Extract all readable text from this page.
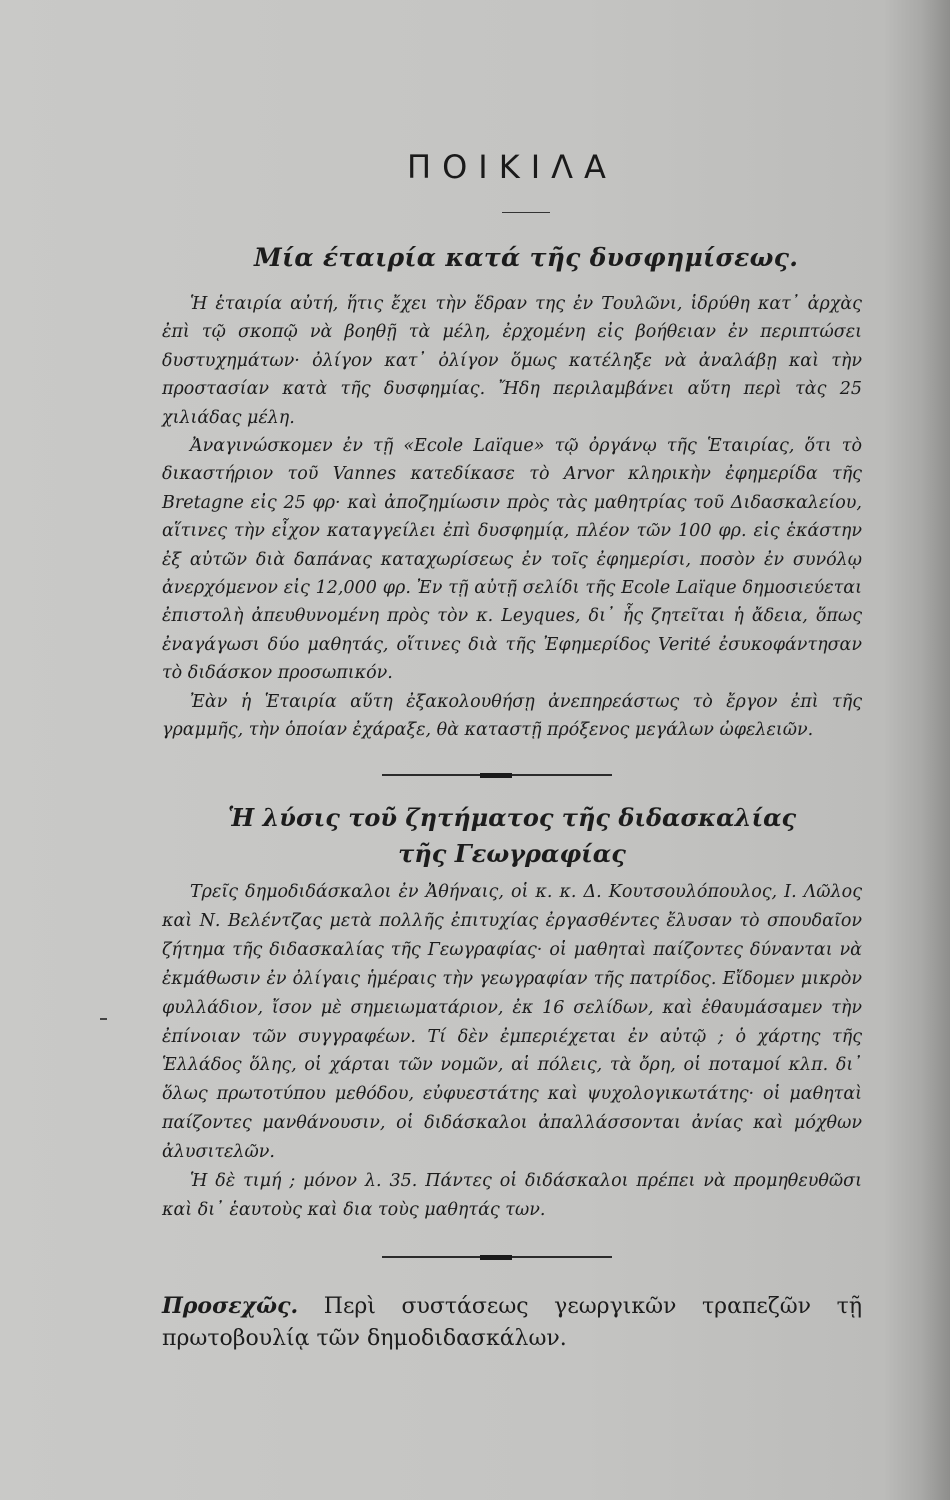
ΠΟΙΚΙΛΑ
Μία έταιρία κατά τῆς δυσφημίσεως.

Ἡ ἑταιρία αὐτή, ἥτις ἔχει τὴν ἕδραν της ἐν Τουλῶνι, ἱδρύθη κατ᾽ ἀρχὰς ἐπὶ τῷ σκοπῷ νὰ βοηθῇ τὰ μέλη, ἐρχομένη εἰς βοήθειαν ἐν περιπτώσει δυστυχημάτων· ὀλίγον κατ᾽ ὀλίγον ὅμως κατέληξε νὰ ἀναλάβῃ καὶ τὴν προστασίαν κατὰ τῆς δυσφημίας. Ἤδη περιλαμβάνει αὕτη περὶ τὰς 25 χιλιάδας μέλη.

Ἀναγινώσκομεν ἐν τῇ «Ecole Laïque» τῷ ὀργάνῳ τῆς Ἑταιρίας, ὅτι τὸ δικαστήριον τοῦ Vannes κατεδίκασε τὸ Arvor κληρικὴν ἐφημερίδα τῆς Bretagne εἰς 25 φρ· καὶ ἀποζημίωσιν πρὸς τὰς μαθητρίας τοῦ Διδασκαλείου, αἵτινες τὴν εἶχον καταγγείλει ἐπὶ δυσφημίᾳ, πλέον τῶν 100 φρ. εἰς ἑκάστην ἐξ αὐτῶν διὰ δαπάνας καταχωρίσεως ἐν τοῖς ἐφημερίσι, ποσὸν ἐν συνόλῳ ἀνερχόμενον εἰς 12,000 φρ. Ἐν τῇ αὐτῇ σελίδι τῆς Ecole Laïque δημοσιεύεται ἐπιστολὴ ἀπευθυνομένη πρὸς τὸν κ. Leyques, δι᾽ ἧς ζητεῖται ἡ ἄδεια, ὅπως ἐναγάγωσι δύο μαθητάς, οἵτινες διὰ τῆς Ἐφημερίδος Verité ἐσυκοφάντησαν τὸ διδάσκον προσωπικόν.

Ἐὰν ἡ Ἑταιρία αὕτη ἐξακολουθήσῃ ἀνεπηρεάστως τὸ ἔργον ἐπὶ τῆς γραμμῆς, τὴν ὁποίαν ἐχάραξε, θὰ καταστῇ πρόξενος μεγάλων ὠφελειῶν.

Ἡ λύσις τοῦ ζητήματος τῆς διδασκαλίας
τῆς Γεωγραφίας

Τρεῖς δημοδιδάσκαλοι ἐν Ἀθήναις, οἱ κ. κ. Δ. Κουτσουλόπουλος, Ι. Λῶλος καὶ Ν. Βελέντζας μετὰ πολλῆς ἐπιτυχίας ἐργασθέντες ἔλυσαν τὸ σπουδαῖον ζήτημα τῆς διδασκαλίας τῆς Γεωγραφίας· οἱ μαθηταὶ παίζοντες δύνανται νὰ ἐκμάθωσιν ἐν ὀλίγαις ἡμέραις τὴν γεωγραφίαν τῆς πατρίδος. Εἴδομεν μικρὸν φυλλάδιον, ἴσον μὲ σημειωματάριον, ἐκ 16 σελίδων, καὶ ἐθαυμάσαμεν τὴν ἐπίνοιαν τῶν συγγραφέων. Τί δὲν ἐμπεριέχεται ἐν αὐτῷ ; ὁ χάρτης τῆς Ἑλλάδος ὅλης, οἱ χάρται τῶν νομῶν, αἱ πόλεις, τὰ ὄρη, οἱ ποταμοί κλπ. δι᾽ ὅλως πρωτοτύπου μεθόδου, εὐφυεστάτης καὶ ψυχολογικωτάτης· οἱ μαθηταὶ παίζοντες μανθάνουσιν, οἱ διδάσκαλοι ἀπαλλάσσονται ἀνίας καὶ μόχθων ἀλυσιτελῶν.

Ἡ δὲ τιμή ; μόνον λ. 35. Πάντες οἱ διδάσκαλοι πρέπει νὰ προμηθευθῶσι καὶ δι᾽ ἑαυτοὺς καὶ δια τοὺς μαθητάς των.

Προσεχῶς. Περὶ συστάσεως γεωργικῶν τραπεζῶν τῇ πρωτοβουλίᾳ τῶν δημοδιδασκάλων.
